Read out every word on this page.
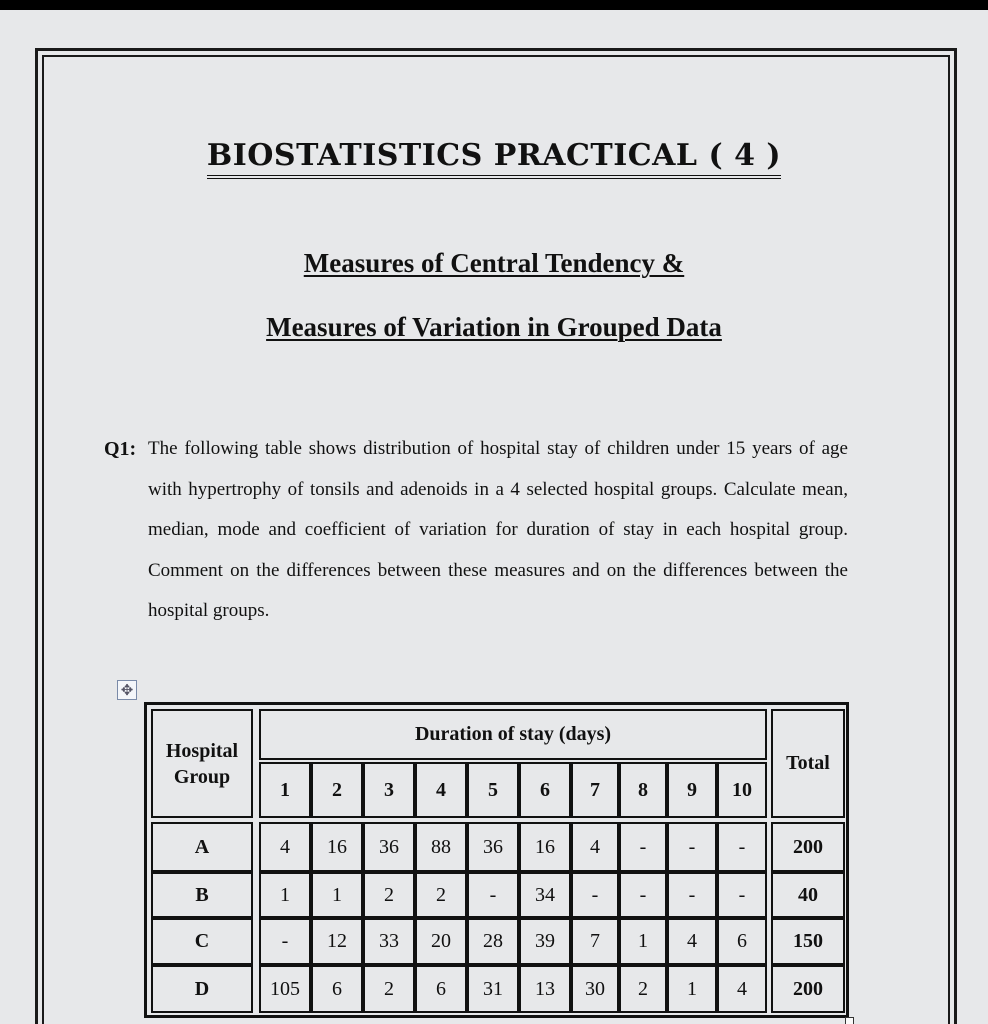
BIOSTATISTICS PRACTICAL ( 4 )
Measures of Central Tendency &
Measures of Variation in Grouped Data
Q1: The following table shows distribution of hospital stay of children under 15 years of age with hypertrophy of tonsils and adenoids in a 4 selected hospital groups. Calculate mean, median, mode and coefficient of variation for duration of stay in each hospital group. Comment on the differences between these measures and on the differences between the hospital groups.
✥
Hospital
Group
Duration of stay (days)
Total
1	2	3	4	5	6	7	8	9	10
A	4	16	36	88	36	16	4	-	-	-	200
B	1	1	2	2	-	34	-	-	-	-	40
C	-	12	33	20	28	39	7	1	4	6	150
D	105	6	2	6	31	13	30	2	1	4	200
